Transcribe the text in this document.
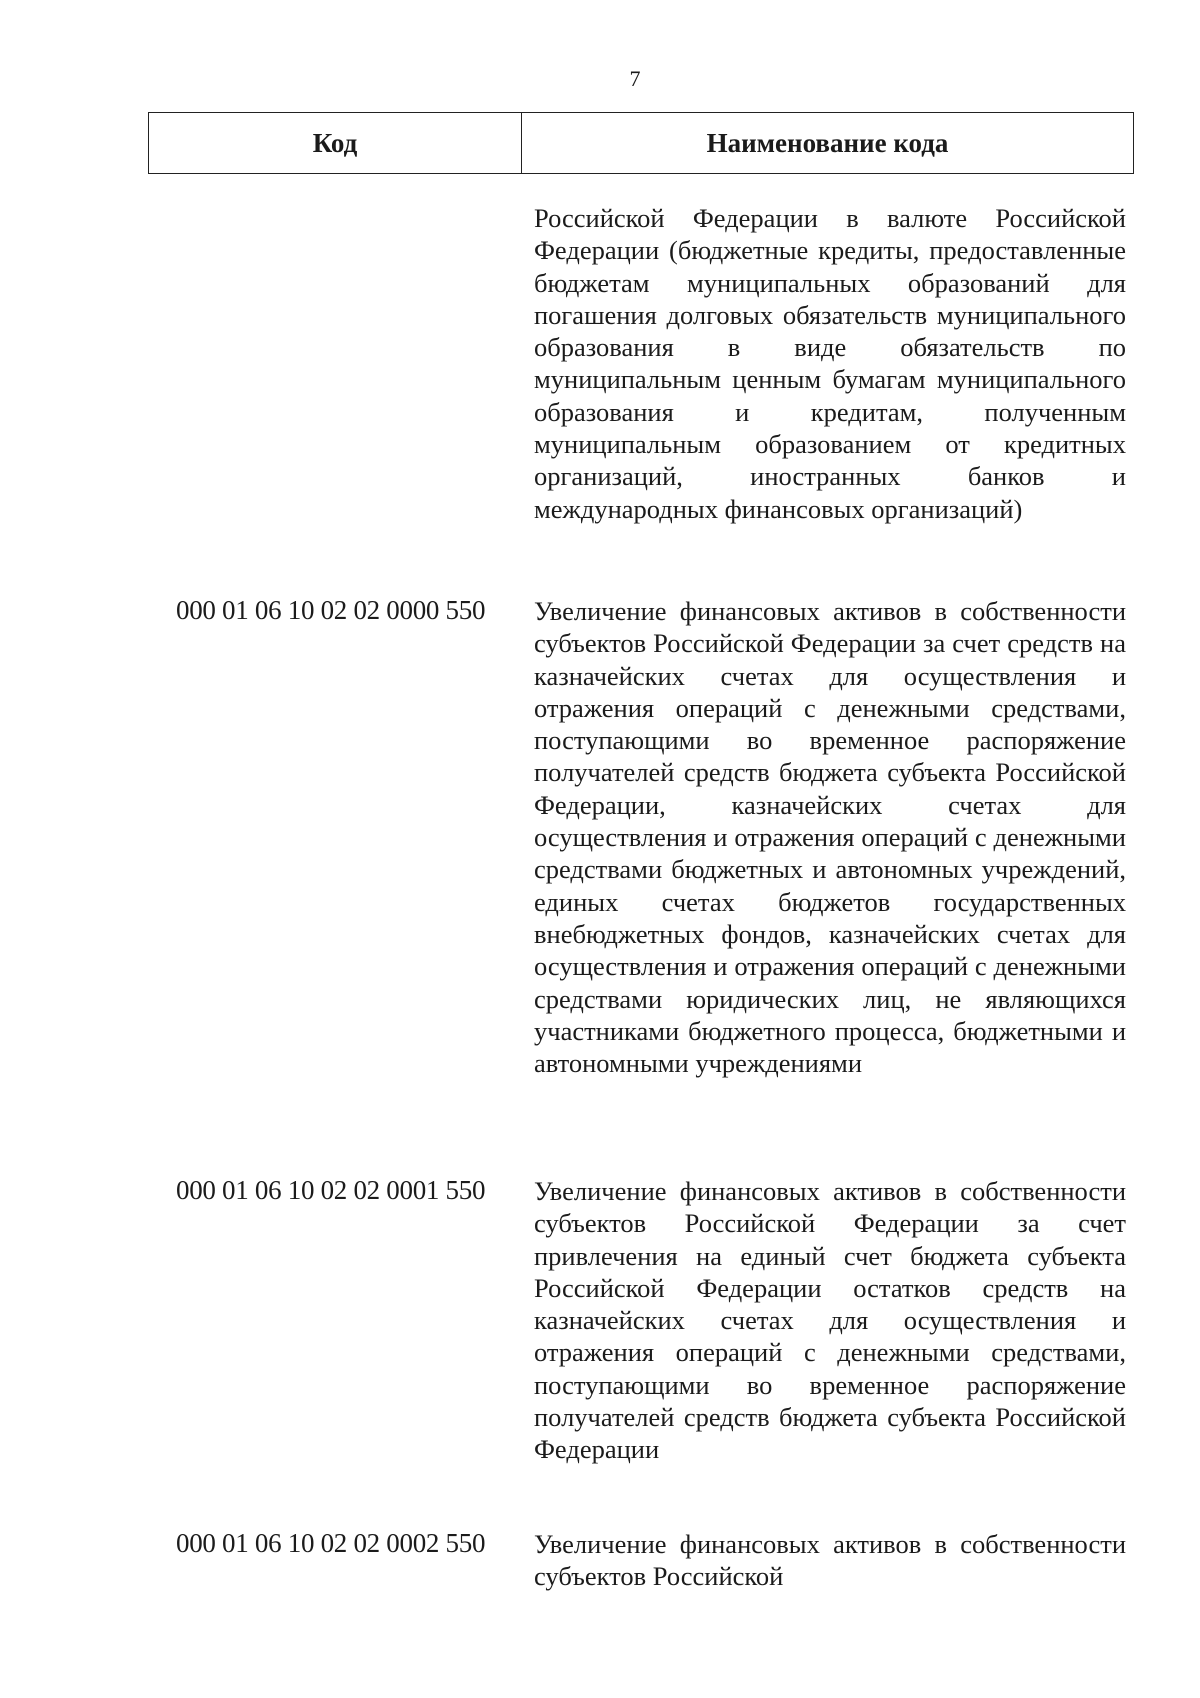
7
Код	Наименование кода
Российской Федерации в валюте Российской Федерации (бюджетные кредиты, предоставленные бюджетам муниципальных образований для погашения долговых обязательств муниципального образования в виде обязательств по муниципальным ценным бумагам муниципального образования и кредитам, полученным муниципальным образованием от кредитных организаций, иностранных банков и международных финансовых организаций)
000 01 06 10 02 02 0000 550 Увеличение финансовых активов в собственности субъектов Российской Федерации за счет средств на казначейских счетах для осуществления и отражения операций с денежными средствами, поступающими во временное распоряжение получателей средств бюджета субъекта Российской Федерации, казначейских счетах для осуществления и отражения операций с денежными средствами бюджетных и автономных учреждений, единых счетах бюджетов государственных внебюджетных фондов, казначейских счетах для осуществления и отражения операций с денежными средствами юридических лиц, не являющихся участниками бюджетного процесса, бюджетными и автономными учреждениями
000 01 06 10 02 02 0001 550 Увеличение финансовых активов в собственности субъектов Российской Федерации за счет привлечения на единый счет бюджета субъекта Российской Федерации остатков средств на казначейских счетах для осуществления и отражения операций с денежными средствами, поступающими во временное распоряжение получателей средств бюджета субъекта Российской Федерации
000 01 06 10 02 02 0002 550 Увеличение финансовых активов в собственности субъектов Российской
